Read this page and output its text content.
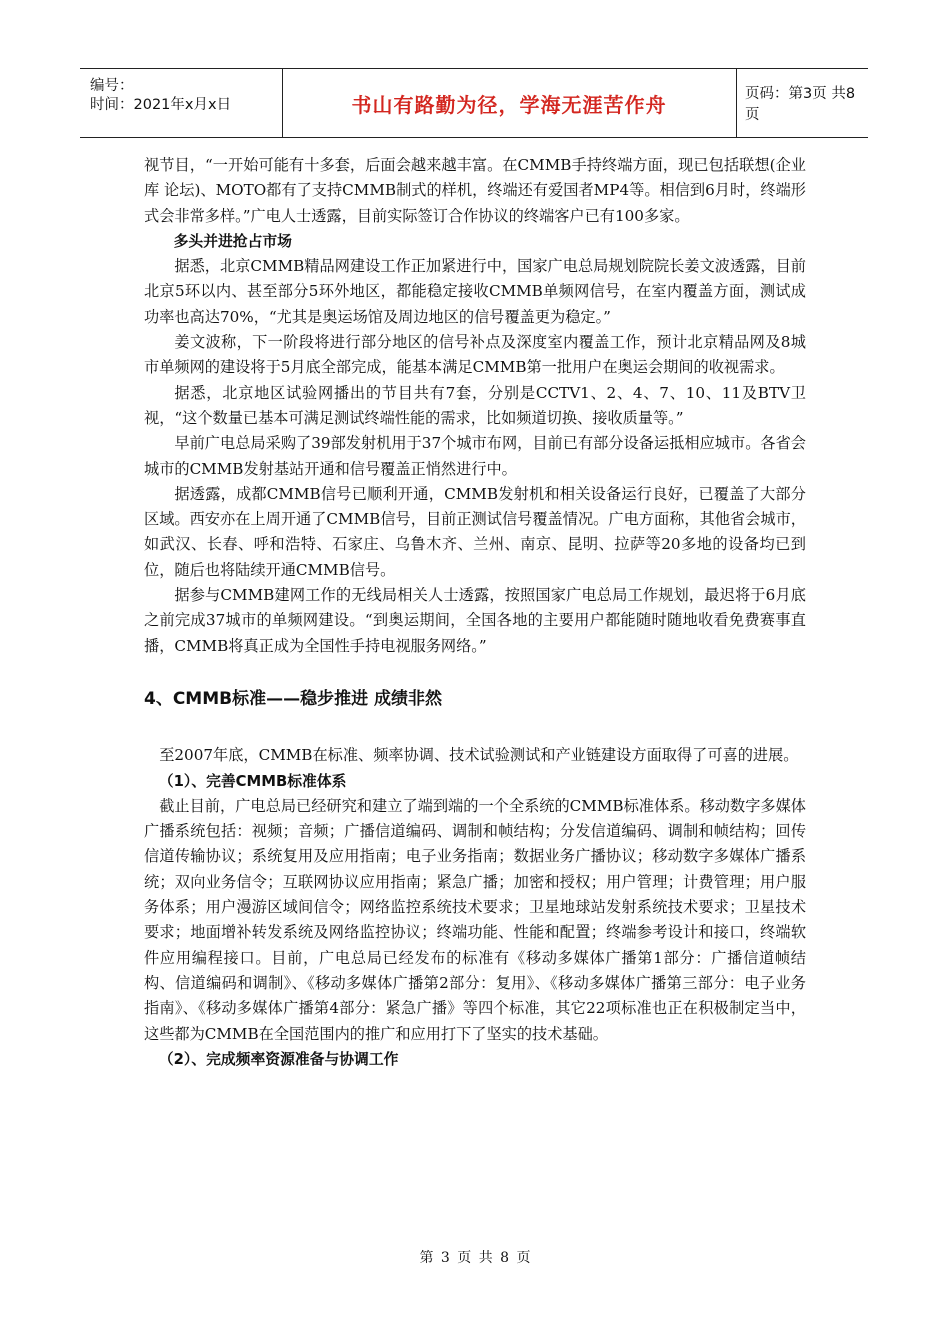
编号：
时间：2021年x月x日	书山有路勤为径，学海无涯苦作舟	页码：第3页 共8页

视节目，“一开始可能有十多套，后面会越来越丰富。在CMMB手持终端方面，现已包括联想(企业库 论坛)、MOTO都有了支持CMMB制式的样机，终端还有爱国者MP4等。相信到6月时，终端形式会非常多样。”广电人士透露，目前实际签订合作协议的终端客户已有100多家。

多头并进抢占市场

据悉，北京CMMB精品网建设工作正加紧进行中，国家广电总局规划院院长姜文波透露，目前北京5环以内、甚至部分5环外地区，都能稳定接收CMMB单频网信号，在室内覆盖方面，测试成功率也高达70%，“尤其是奥运场馆及周边地区的信号覆盖更为稳定。”

姜文波称，下一阶段将进行部分地区的信号补点及深度室内覆盖工作，预计北京精品网及8城市单频网的建设将于5月底全部完成，能基本满足CMMB第一批用户在奥运会期间的收视需求。

据悉，北京地区试验网播出的节目共有7套，分别是CCTV1、2、4、7、10、11及BTV卫视，“这个数量已基本可满足测试终端性能的需求，比如频道切换、接收质量等。”

早前广电总局采购了39部发射机用于37个城市布网，目前已有部分设备运抵相应城市。各省会城市的CMMB发射基站开通和信号覆盖正悄然进行中。

据透露，成都CMMB信号已顺利开通，CMMB发射机和相关设备运行良好，已覆盖了大部分区域。西安亦在上周开通了CMMB信号，目前正测试信号覆盖情况。广电方面称，其他省会城市，如武汉、长春、呼和浩特、石家庄、乌鲁木齐、兰州、南京、昆明、拉萨等20多地的设备均已到位，随后也将陆续开通CMMB信号。

据参与CMMB建网工作的无线局相关人士透露，按照国家广电总局工作规划，最迟将于6月底之前完成37城市的单频网建设。“到奥运期间，全国各地的主要用户都能随时随地收看免费赛事直播，CMMB将真正成为全国性手持电视服务网络。”

4、CMMB标准——稳步推进 成绩非然

至2007年底，CMMB在标准、频率协调、技术试验测试和产业链建设方面取得了可喜的进展。

（1）、完善CMMB标准体系

截止目前，广电总局已经研究和建立了端到端的一个全系统的CMMB标准体系。移动数字多媒体广播系统包括：视频；音频；广播信道编码、调制和帧结构；分发信道编码、调制和帧结构；回传信道传输协议；系统复用及应用指南；电子业务指南；数据业务广播协议；移动数字多媒体广播系统；双向业务信令；互联网协议应用指南；紧急广播；加密和授权；用户管理；计费管理；用户服务体系；用户漫游区域间信令；网络监控系统技术要求；卫星地球站发射系统技术要求；卫星技术要求；地面增补转发系统及网络监控协议；终端功能、性能和配置；终端参考设计和接口，终端软件应用编程接口。目前，广电总局已经发布的标准有《移动多媒体广播第1部分：广播信道帧结构、信道编码和调制》、《移动多媒体广播第2部分：复用》、《移动多媒体广播第三部分：电子业务指南》、《移动多媒体广播第4部分：紧急广播》等四个标准，其它22项标准也正在积极制定当中，这些都为CMMB在全国范围内的推广和应用打下了坚实的技术基础。

（2）、完成频率资源准备与协调工作

第 3 页 共 8 页
